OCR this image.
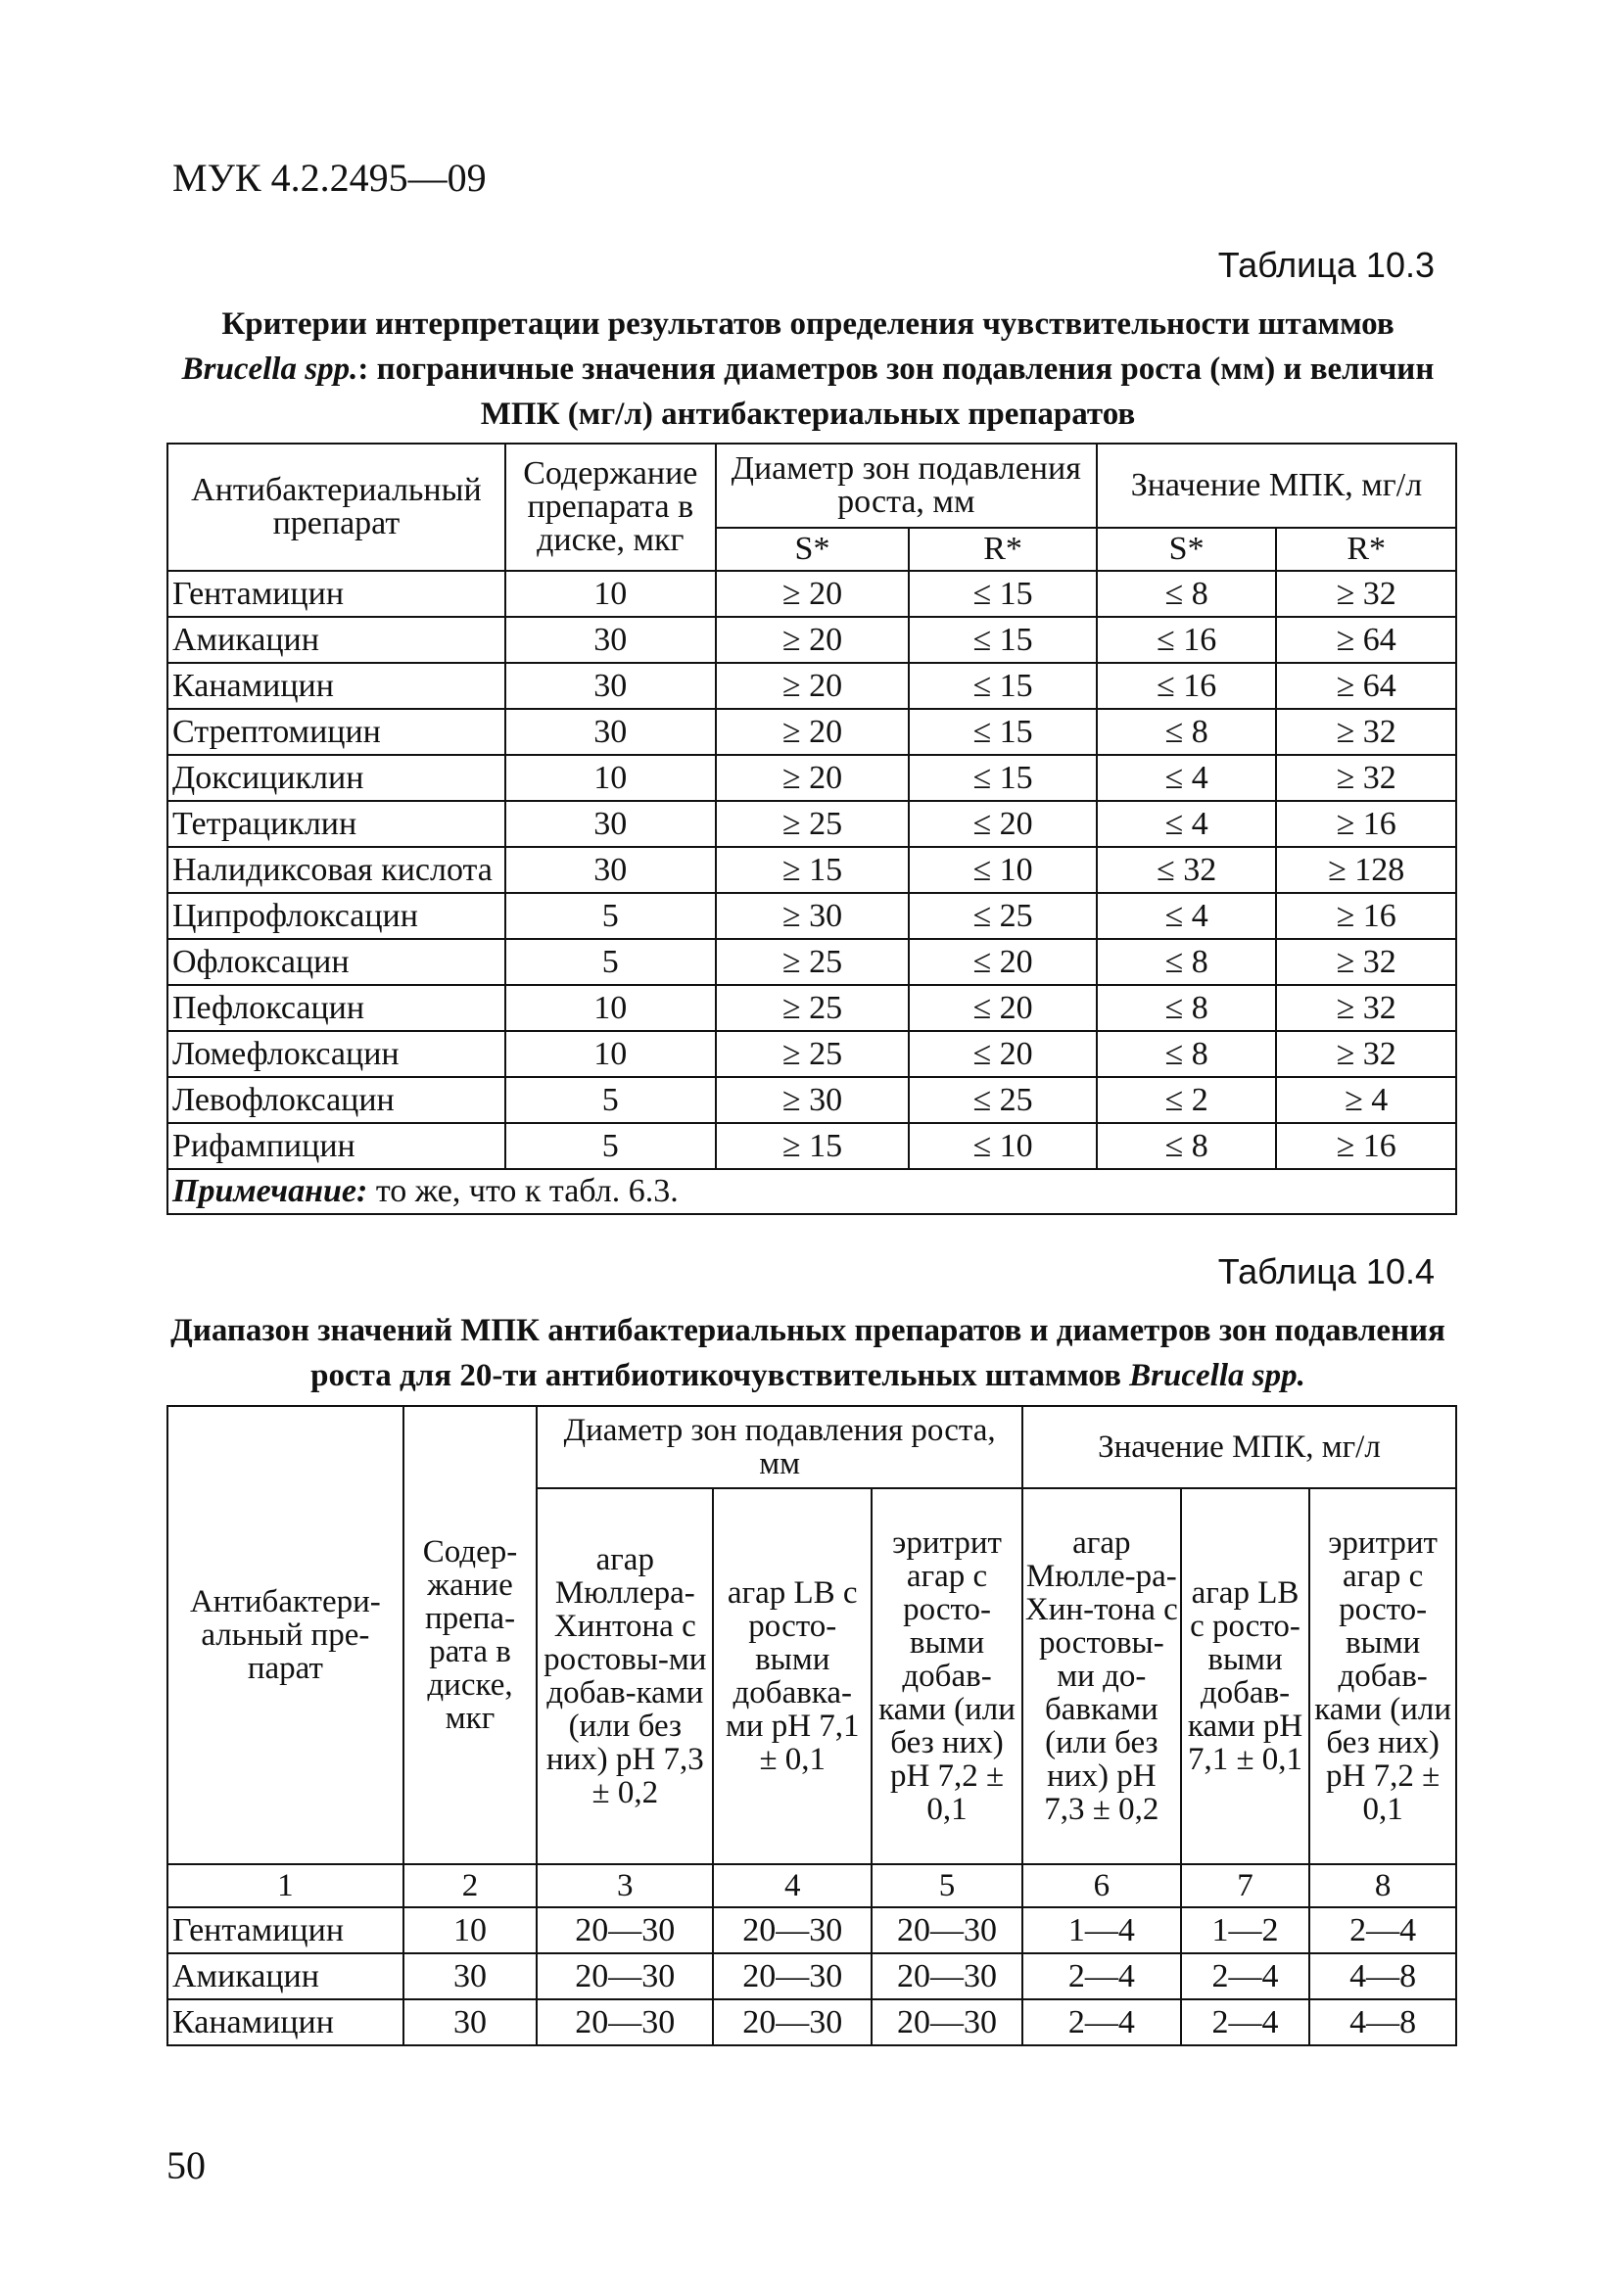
МУК 4.2.2495—09
Таблица 10.3
Критерии интерпретации результатов определения чувствительности штаммов Brucella spp.: пограничные значения диаметров зон подавления роста (мм) и величин МПК (мг/л) антибактериальных препаратов
Антибактериальный препарат	Содержание препарата в диске, мкг	Диаметр зон подавления роста, мм		Значение МПК, мг/л	
		S*	R*	S*	R*
Гентамицин	10	≥ 20	≤ 15	≤ 8	≥ 32
Амикацин	30	≥ 20	≤ 15	≤ 16	≥ 64
Канамицин	30	≥ 20	≤ 15	≤ 16	≥ 64
Стрептомицин	30	≥ 20	≤ 15	≤ 8	≥ 32
Доксициклин	10	≥ 20	≤ 15	≤ 4	≥ 32
Тетрациклин	30	≥ 25	≤ 20	≤ 4	≥ 16
Налидиксовая кислота	30	≥ 15	≤ 10	≤ 32	≥ 128
Ципрофлоксацин	5	≥ 30	≤ 25	≤ 4	≥ 16
Офлоксацин	5	≥ 25	≤ 20	≤ 8	≥ 32
Пефлоксацин	10	≥ 25	≤ 20	≤ 8	≥ 32
Ломефлоксацин	10	≥ 25	≤ 20	≤ 8	≥ 32
Левофлоксацин	5	≥ 30	≤ 25	≤ 2	≥ 4
Рифампицин	5	≥ 15	≤ 10	≤ 8	≥ 16
Примечание: то же, что к табл. 6.3.					
Таблица 10.4
Диапазон значений МПК антибактериальных препаратов и диаметров зон подавления роста для 20-ти антибиотикочувствительных штаммов Brucella spp.
Антибактери-альный пре-парат	Содер-жание препа-рата в диске, мкг	Диаметр зон подавления роста, мм			Значение МПК, мг/л		
		агар Мюллера-Хинтона с ростовы-ми добав-ками (или без них) pH 7,3 ± 0,2	агар LB с росто-выми добавка-ми pH 7,1 ± 0,1	эритрит агар с росто-выми добав-ками (или без них) pH 7,2 ± 0,1	агар Мюлле-ра-Хин-тона с ростовы-ми до-бавками (или без них) pH 7,3 ± 0,2	агар LB с росто-выми добав-ками pH 7,1 ± 0,1	эритрит агар с росто-выми добав-ками (или без них) pH 7,2 ± 0,1
1	2	3	4	5	6	7	8
Гентамицин	10	20—30	20—30	20—30	1—4	1—2	2—4
Амикацин	30	20—30	20—30	20—30	2—4	2—4	4—8
Канамицин	30	20—30	20—30	20—30	2—4	2—4	4—8
50
